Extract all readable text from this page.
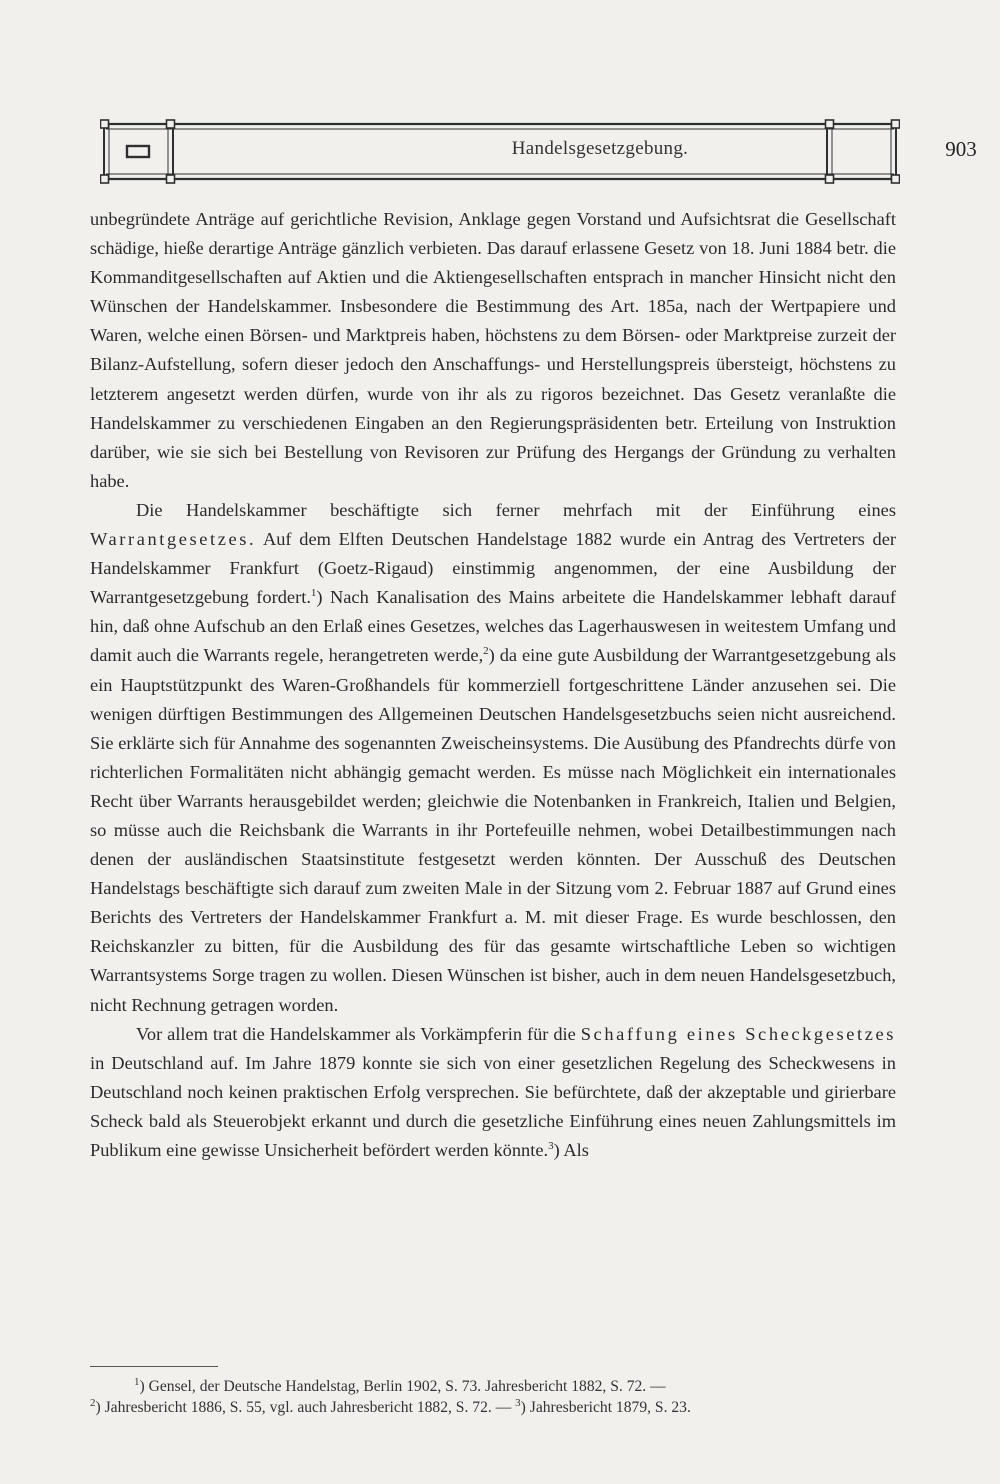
Handelsgesetzgebung.	903

unbegründete Anträge auf gerichtliche Revision, Anklage gegen Vorstand und Aufsichtsrat die Gesellschaft schädige, hieße derartige Anträge gänzlich verbieten. Das darauf erlassene Gesetz von 18. Juni 1884 betr. die Kommanditgesellschaften auf Aktien und die Aktiengesellschaften entsprach in mancher Hinsicht nicht den Wünschen der Handelskammer. Insbesondere die Bestimmung des Art. 185a, nach der Wertpapiere und Waren, welche einen Börsen- und Marktpreis haben, höchstens zu dem Börsen- oder Marktpreise zurzeit der Bilanz-Aufstellung, sofern dieser jedoch den Anschaffungs- und Herstellungspreis übersteigt, höchstens zu letzterem angesetzt werden dürfen, wurde von ihr als zu rigoros bezeichnet. Das Gesetz veranlaßte die Handelskammer zu verschiedenen Eingaben an den Regierungspräsidenten betr. Erteilung von Instruktion darüber, wie sie sich bei Bestellung von Revisoren zur Prüfung des Hergangs der Gründung zu verhalten habe.

Die Handelskammer beschäftigte sich ferner mehrfach mit der Einführung eines Warrantgesetzes. Auf dem Elften Deutschen Handelstage 1882 wurde ein Antrag des Vertreters der Handelskammer Frankfurt (Goetz-Rigaud) einstimmig angenommen, der eine Ausbildung der Warrantgesetzgebung fordert.$^1$) Nach Kanalisation des Mains arbeitete die Handelskammer lebhaft darauf hin, daß ohne Aufschub an den Erlaß eines Gesetzes, welches das Lagerhauswesen in weitestem Umfang und damit auch die Warrants regele, herangetreten werde,$^2$) da eine gute Ausbildung der Warrantgesetzgebung als ein Hauptstützpunkt des Waren-Großhandels für kommerziell fortgeschrittene Länder anzusehen sei. Die wenigen dürftigen Bestimmungen des Allgemeinen Deutschen Handelsgesetzbuchs seien nicht ausreichend. Sie erklärte sich für Annahme des sogenannten Zweischeinsystems. Die Ausübung des Pfandrechts dürfe von richterlichen Formalitäten nicht abhängig gemacht werden. Es müsse nach Möglichkeit ein internationales Recht über Warrants herausgebildet werden; gleichwie die Notenbanken in Frankreich, Italien und Belgien, so müsse auch die Reichsbank die Warrants in ihr Portefeuille nehmen, wobei Detailbestimmungen nach denen der ausländischen Staatsinstitute festgesetzt werden könnten. Der Ausschuß des Deutschen Handelstags beschäftigte sich darauf zum zweiten Male in der Sitzung vom 2. Februar 1887 auf Grund eines Berichts des Vertreters der Handelskammer Frankfurt a. M. mit dieser Frage. Es wurde beschlossen, den Reichskanzler zu bitten, für die Ausbildung des für das gesamte wirtschaftliche Leben so wichtigen Warrantsystems Sorge tragen zu wollen. Diesen Wünschen ist bisher, auch in dem neuen Handelsgesetzbuch, nicht Rechnung getragen worden.

Vor allem trat die Handelskammer als Vorkämpferin für die Schaffung eines Scheckgesetzes in Deutschland auf. Im Jahre 1879 konnte sie sich von einer gesetzlichen Regelung des Scheckwesens in Deutschland noch keinen praktischen Erfolg versprechen. Sie befürchtete, daß der akzeptable und girierbare Scheck bald als Steuerobjekt erkannt und durch die gesetzliche Einführung eines neuen Zahlungsmittels im Publikum eine gewisse Unsicherheit befördert werden könnte.$^3$) Als

$^1$) Gensel, der Deutsche Handelstag, Berlin 1902, S. 73. Jahresbericht 1882, S. 72. —

$^2$) Jahresbericht 1886, S. 55, vgl. auch Jahresbericht 1882, S. 72. — $^3$) Jahresbericht 1879, S. 23.
